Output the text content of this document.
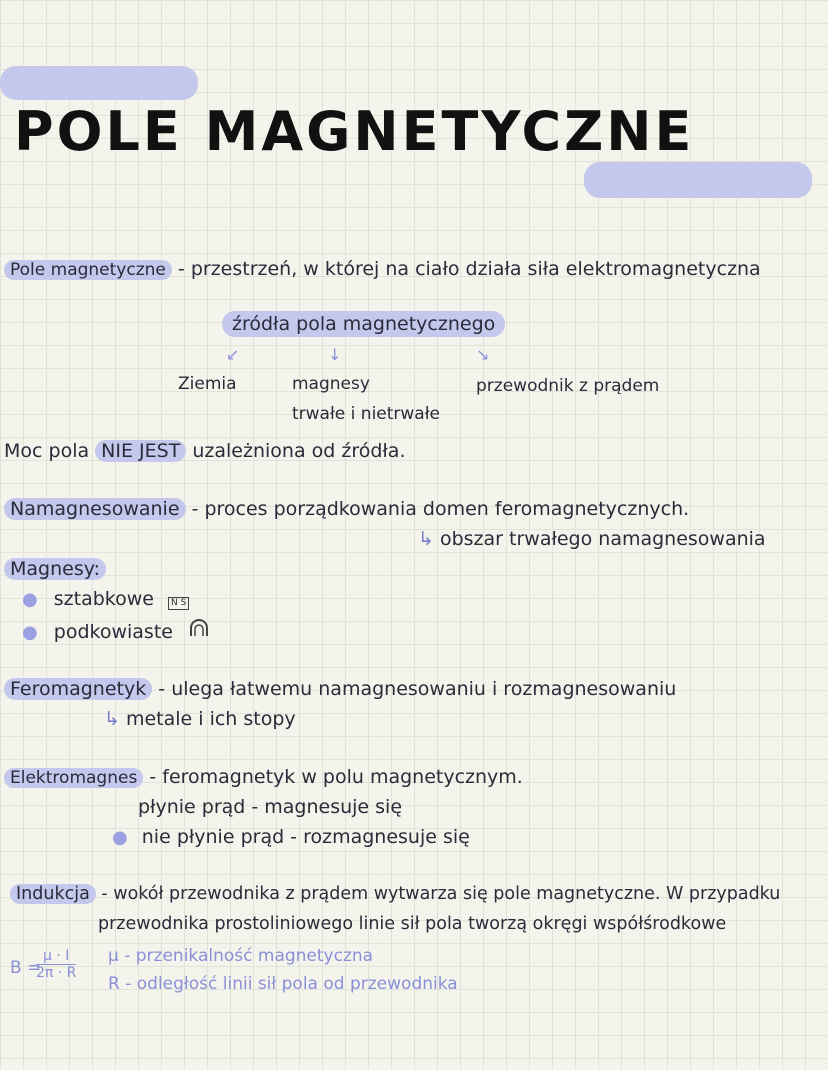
POLE MAGNETYCZNE
Pole magnetyczne - przestrzeń, w której na ciało działa siła elektromagnetyczna
źródła pola magnetycznego
↙	↓	↘
Ziemia	magnesy
trwałe i nietrwałe
przewodnik z prądem
Moc pola NIE JEST uzależniona od źródła.
Namagnesowanie - proces porządkowania domen feromagnetycznych.
↳ obszar trwałego namagnesowania
Magnesy:
● sztabkowe N S
● podkowiaste
Feromagnetyk - ulega łatwemu namagnesowaniu i rozmagnesowaniu
↳ metale i ich stopy
Elektromagnes - feromagnetyk w polu magnetycznym.
płynie prąd - magnesuje się
● nie płynie prąd - rozmagnesuje się
Indukcja - wokół przewodnika z prądem wytwarza się pole magnetyczne. W przypadku
przewodnika prostoliniowego linie sił pola tworzą okręgi współśrodkowe
B =
μ · I
2π · R
μ - przenikalność magnetyczna
R - odległość linii sił pola od przewodnika
